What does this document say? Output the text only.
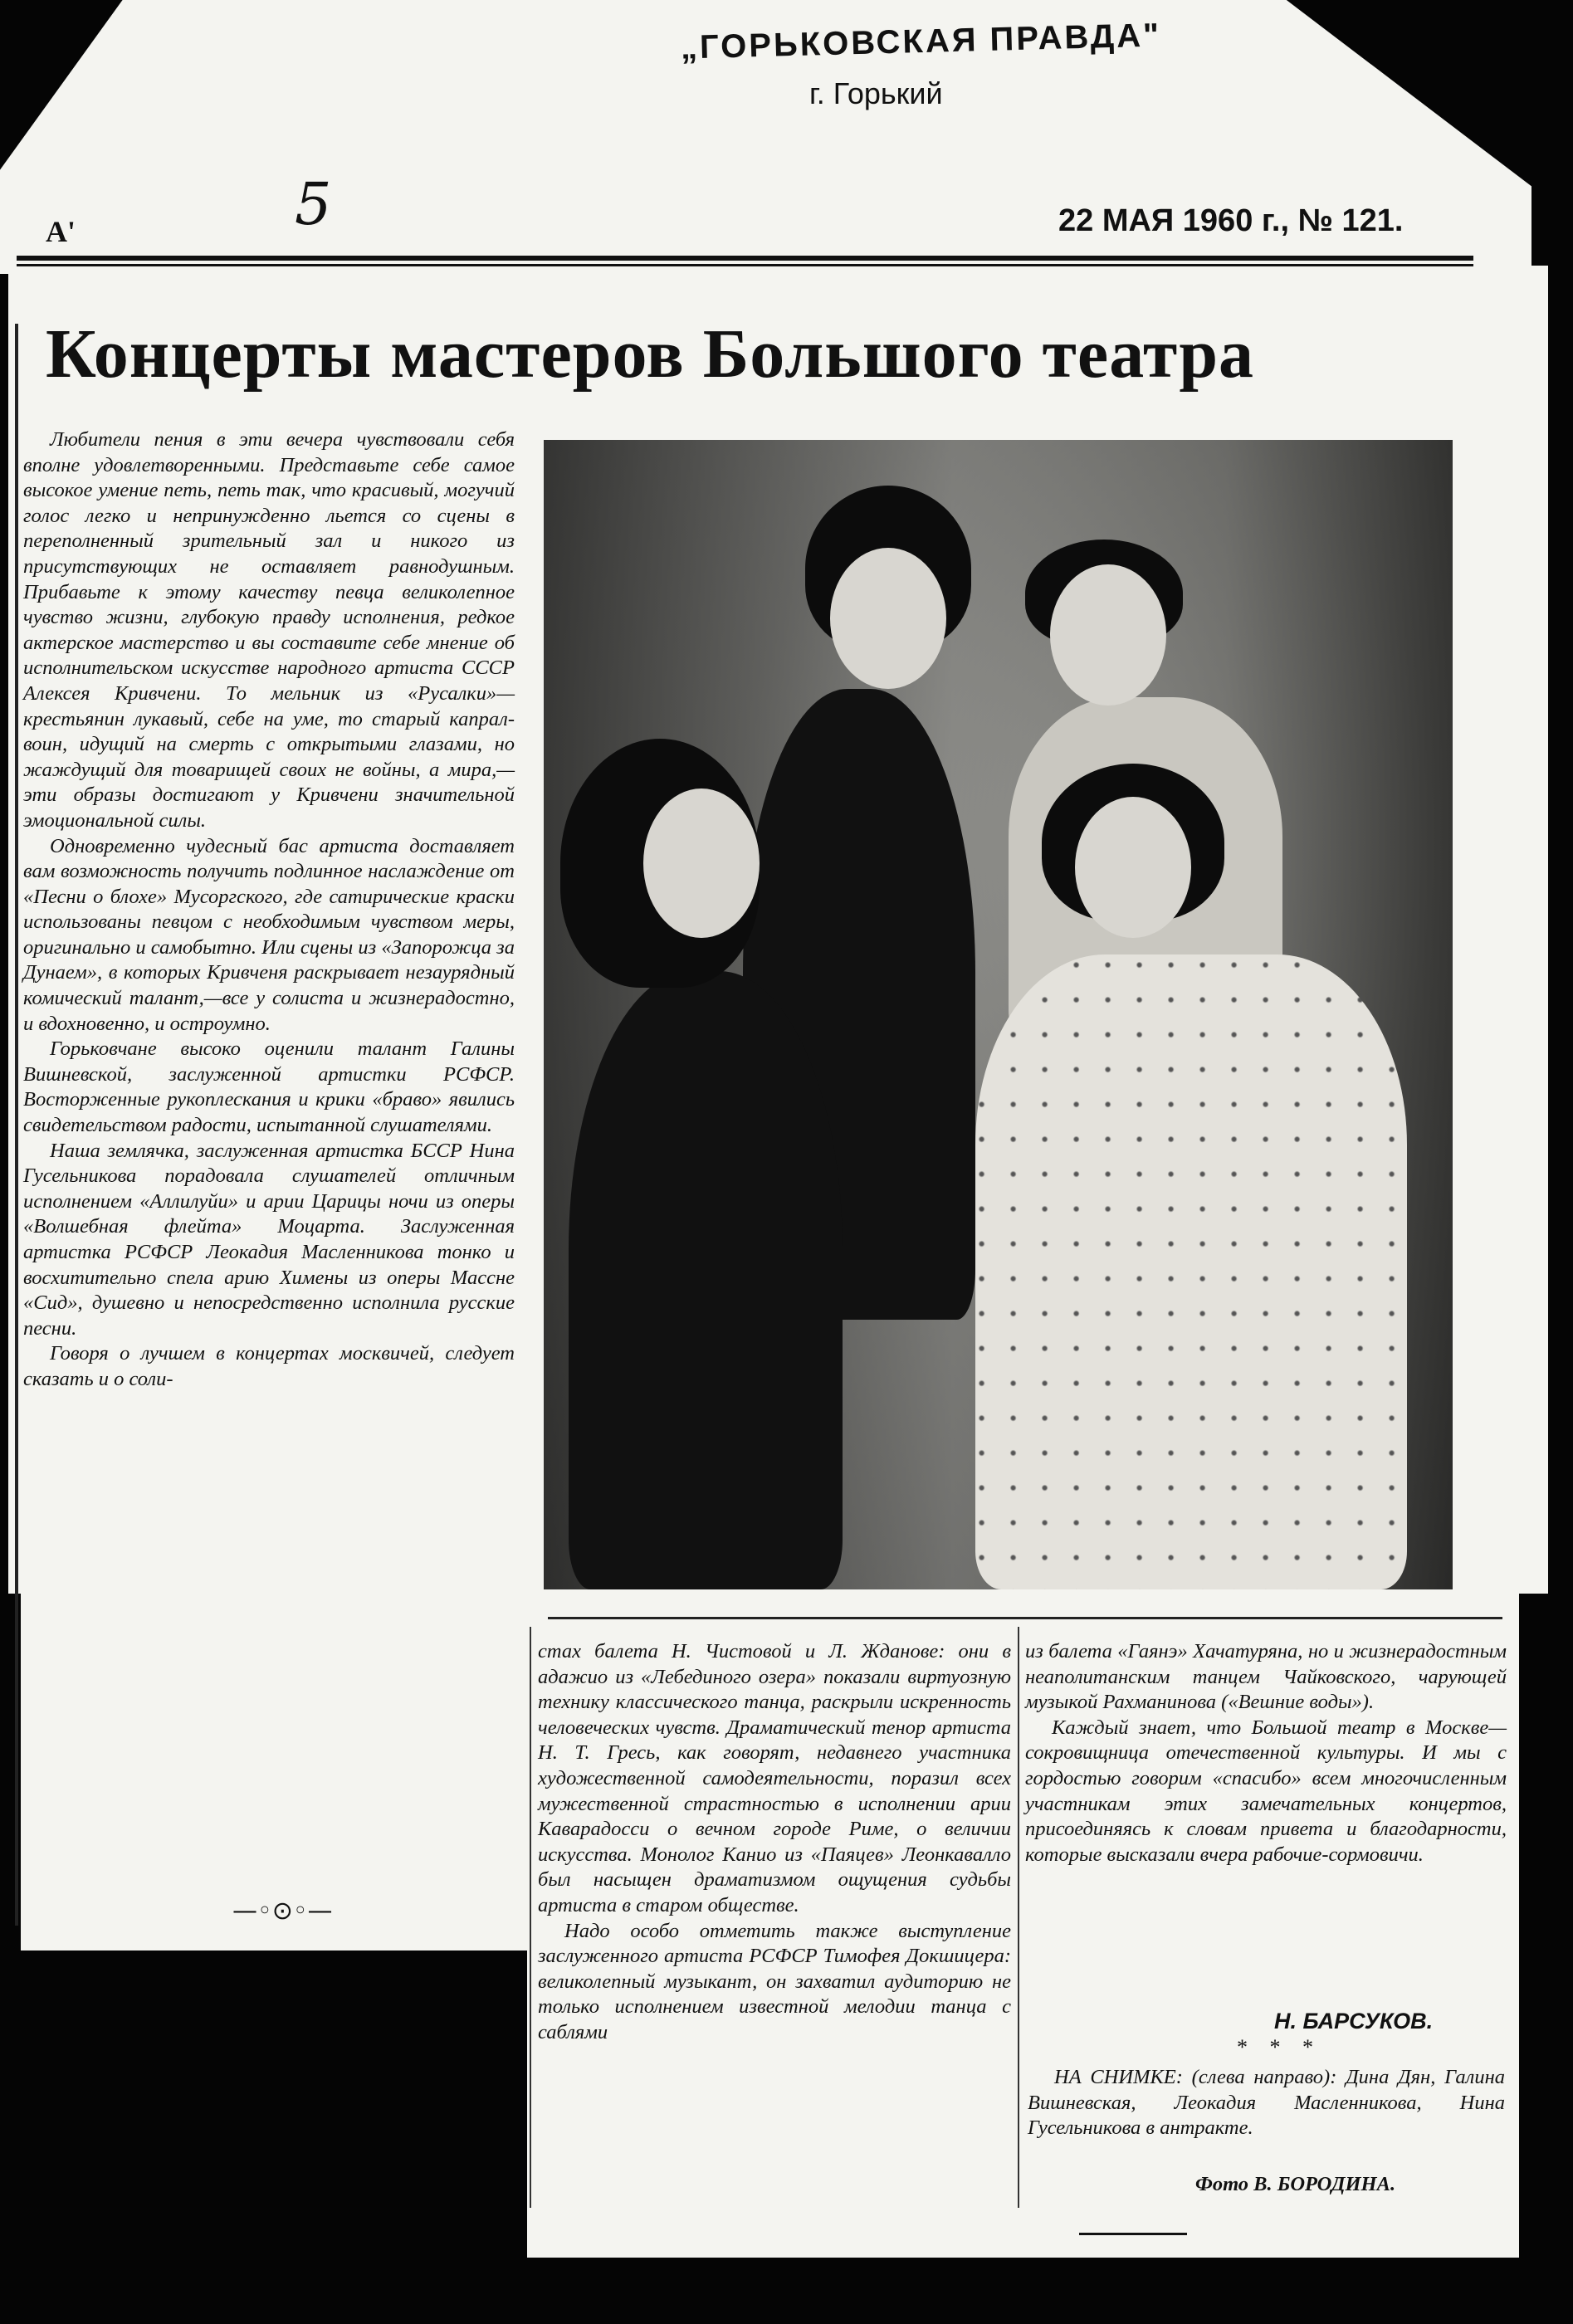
„ГОРЬКОВСКАЯ ПРАВДА"
г. Горький
5
А'	22 МАЯ 1960 г., № 121.
Концерты мастеров Большого театра

Любители пения в эти вечера чувствовали себя вполне удовлетворенными. Представьте себе самое высокое умение петь, петь так, что красивый, могучий голос легко и непринужденно льется со сцены в переполненный зрительный зал и никого из присутствующих не оставляет равнодушным. Прибавьте к этому качеству певца великолепное чувство жизни, глубокую правду исполнения, редкое актерское мастерство и вы составите себе мнение об исполнительском искусстве народного артиста СССР Алексея Кривчени. То мельник из «Русалки»—крестьянин лукавый, себе на уме, то старый капрал-воин, идущий на смерть с открытыми глазами, но жаждущий для товарищей своих не войны, а мира,—эти образы достигают у Кривчени значительной эмоциональной силы.

Одновременно чудесный бас артиста доставляет вам возможность получить подлинное наслаждение от «Песни о блохе» Мусоргского, где сатирические краски использованы певцом с необходимым чувством меры, оригинально и самобытно. Или сцены из «Запорожца за Дунаем», в которых Кривченя раскрывает незаурядный комический талант,—все у солиста и жизнерадостно, и вдохновенно, и остроумно.

Горьковчане высоко оценили талант Галины Вишневской, заслуженной артистки РСФСР. Восторженные рукоплескания и крики «браво» явились свидетельством радости, испытанной слушателями.

Наша землячка, заслуженная артистка БССР Нина Гусельникова порадовала слушателей отличным исполнением «Аллилуйи» и арии Царицы ночи из оперы «Волшебная флейта» Моцарта. Заслуженная артистка РСФСР Леокадия Масленникова тонко и восхитительно спела арию Химены из оперы Массне «Сид», душевно и непосредственно исполнила русские песни.

Говоря о лучшем в концертах москвичей, следует сказать и о соли-

стах балета Н. Чистовой и Л. Жданове: они в адажио из «Лебединого озера» показали виртуозную технику классического танца, раскрыли искренность человеческих чувств. Драматический тенор артиста Н. Т. Гресь, как говорят, недавнего участника художественной самодеятельности, поразил всех мужественной страстностью в исполнении арии Каварадосси о вечном городе Риме, о величии искусства. Монолог Канио из «Паяцев» Леонкавалло был насыщен драматизмом ощущения судьбы артиста в старом обществе.

Надо особо отметить также выступление заслуженного артиста РСФСР Тимофея Докшицера: великолепный музыкант, он захватил аудиторию не только исполнением известной мелодии танца с саблями

из балета «Гаянэ» Хачатуряна, но и жизнерадостным неаполитанским танцем Чайковского, чарующей музыкой Рахманинова («Вешние воды»).

Каждый знает, что Большой театр в Москве—сокровищница отечественной культуры. И мы с гордостью говорим «спасибо» всем многочисленным участникам этих замечательных концертов, присоединяясь к словам привета и благодарности, которые высказали вчера рабочие-сормовичи.

—◦⊙◦—
Н. БАРСУКОВ.
* * *

НА СНИМКЕ: (слева направо): Дина Дян, Галина Вишневская, Леокадия Масленникова, Нина Гусельникова в антракте.

Фото В. БОРОДИНА.
